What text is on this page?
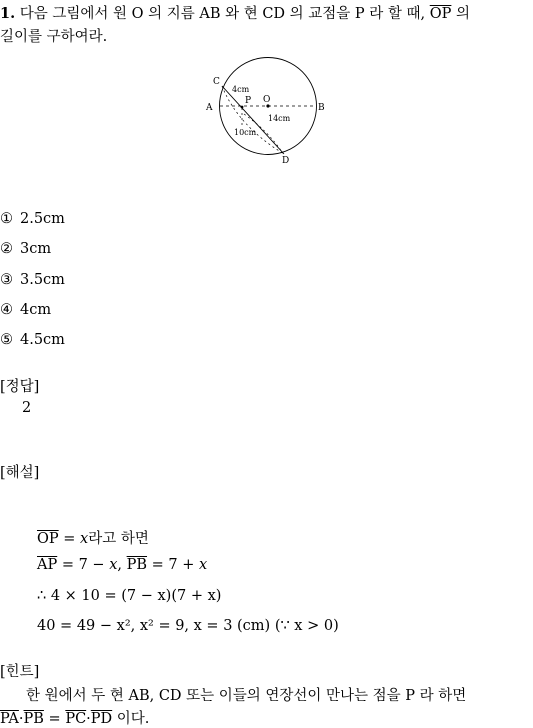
1. 다음 그림에서 원 O 의 지름 AB 와 현 CD 의 교점을 P 라 할 때, $\overline{OP}$ 의
길이를 구하여라.
C
A	B
D
P O
4cm
14cm
10cm
① 2.5cm
② 3cm
③ 3.5cm
④ 4cm
⑤ 4.5cm
[정답]
2
[해설]
$\overline{OP} = x$라고 하면
$\overline{AP} = 7 - x$, $\overline{PB} = 7 + x$
∴ 4 × 10 = (7 − x)(7 + x)
40 = 49 − x², x² = 9, x = 3 (cm) (∵ x > 0)
[힌트]
한 원에서 두 현 AB, CD 또는 이들의 연장선이 만나는 점을 P 라 하면
$\overline{PA}\cdot\overline{PB} = \overline{PC}\cdot\overline{PD}$ 이다.
